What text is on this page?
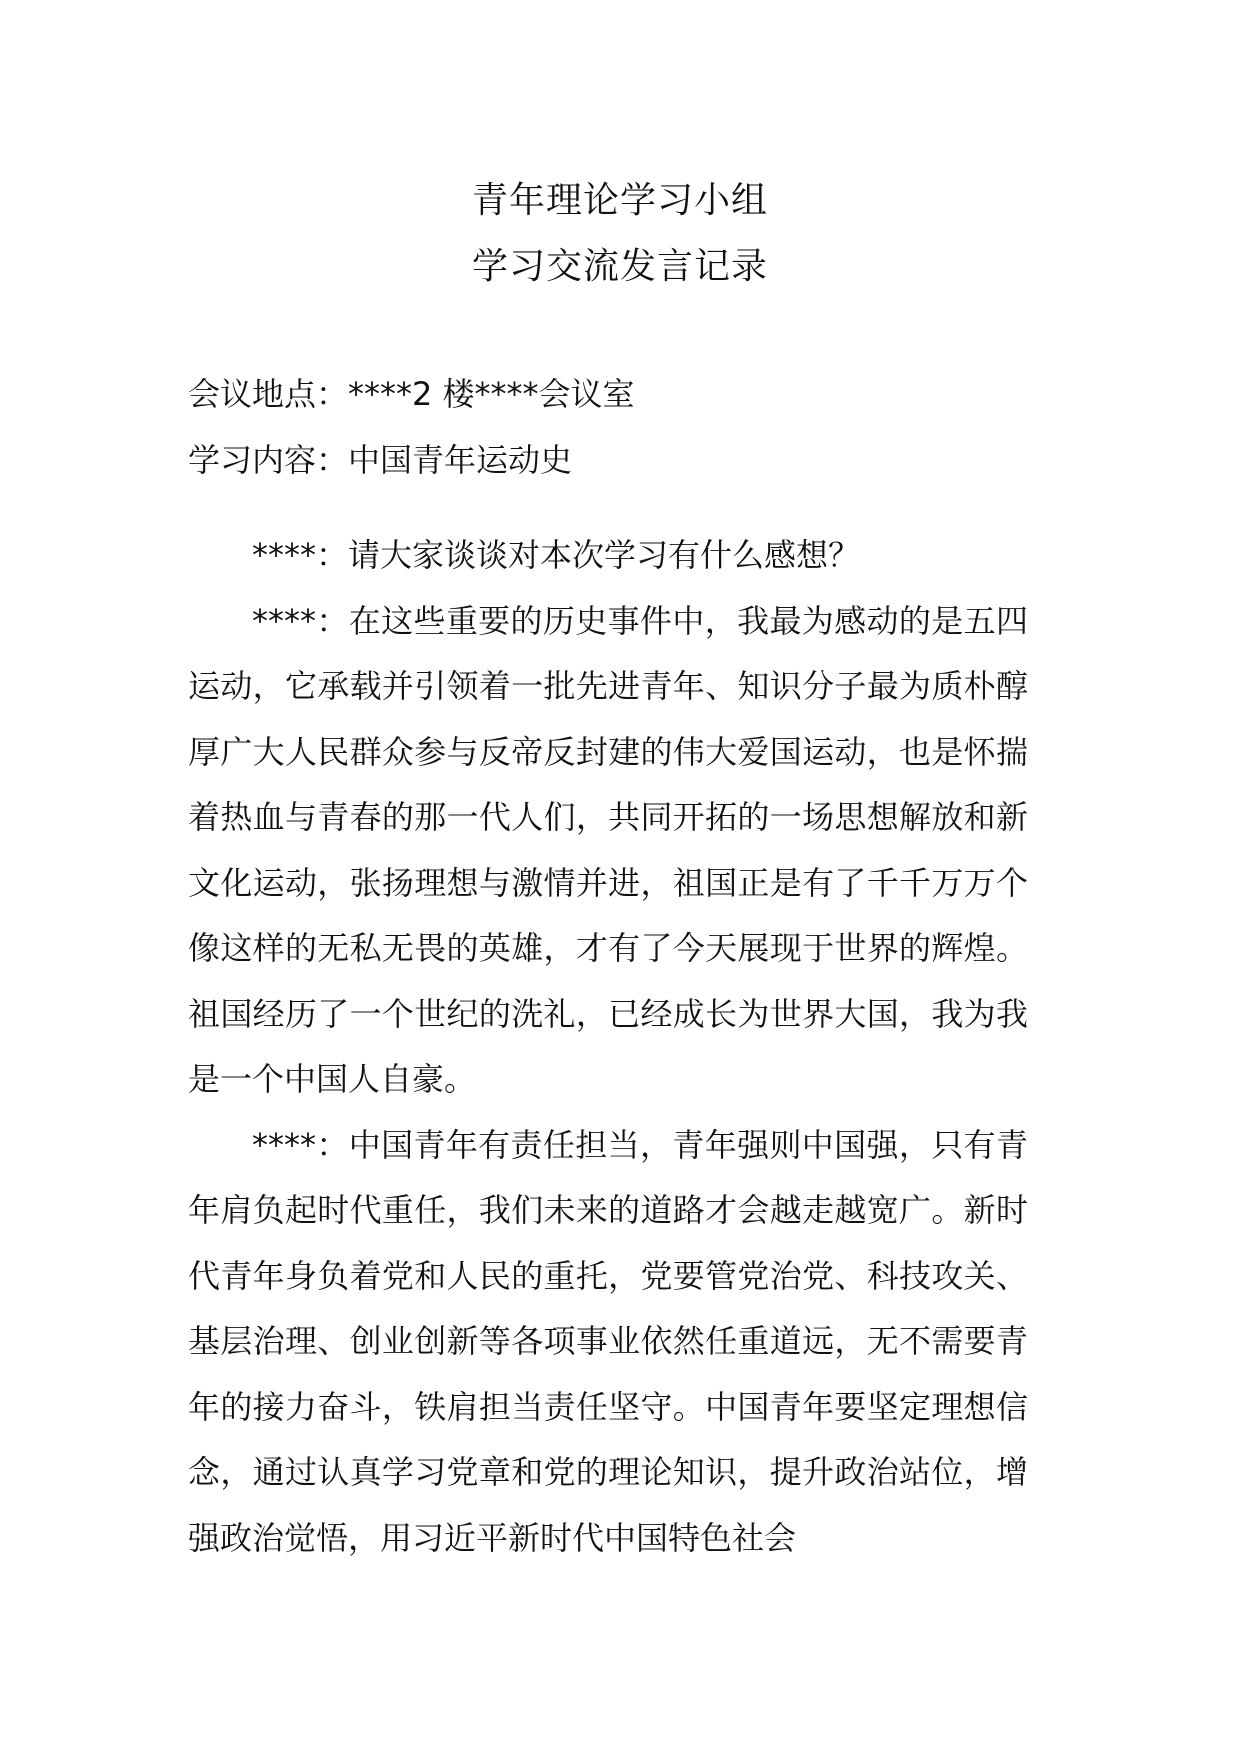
青年理论学习小组
学习交流发言记录
会议地点：****2 楼****会议室
学习内容：中国青年运动史

****：请大家谈谈对本次学习有什么感想？

****：在这些重要的历史事件中，我最为感动的是五四运动，它承载并引领着一批先进青年、知识分子最为质朴醇厚广大人民群众参与反帝反封建的伟大爱国运动，也是怀揣着热血与青春的那一代人们，共同开拓的一场思想解放和新文化运动，张扬理想与激情并进，祖国正是有了千千万万个像这样的无私无畏的英雄，才有了今天展现于世界的辉煌。祖国经历了一个世纪的洗礼，已经成长为世界大国，我为我是一个中国人自豪。

****：中国青年有责任担当，青年强则中国强，只有青年肩负起时代重任，我们未来的道路才会越走越宽广。新时代青年身负着党和人民的重托，党要管党治党、科技攻关、基层治理、创业创新等各项事业依然任重道远，无不需要青年的接力奋斗，铁肩担当责任坚守。中国青年要坚定理想信念，通过认真学习党章和党的理论知识，提升政治站位，增强政治觉悟，用习近平新时代中国特色社会
